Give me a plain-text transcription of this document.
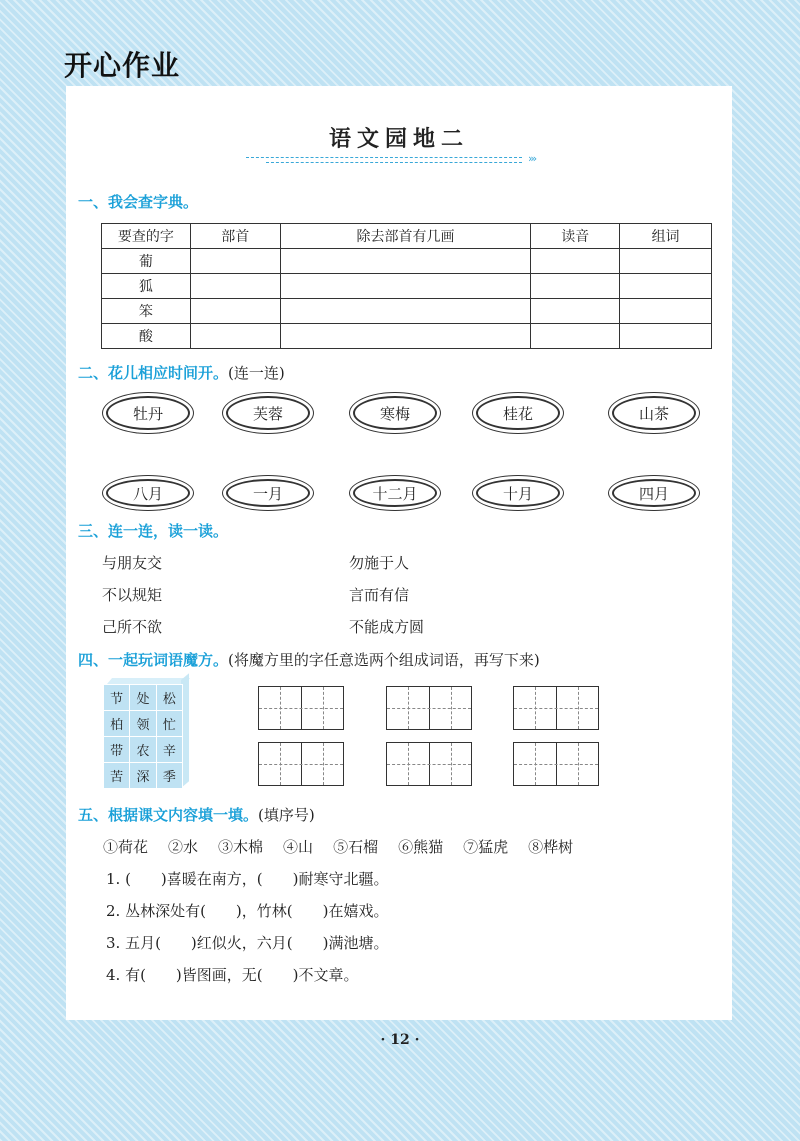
开心作业
语文园地二
›››
一、我会查字典。
要查的字	部首	除去部首有几画	读音	组词
葡				
狐				
笨				
酸				
二、花儿相应时间开。(连一连)
牡丹	芙蓉	寒梅	桂花	山茶
八月	一月	十二月	十月	四月
三、连一连，读一读。
与朋友交
不以规矩
己所不欲
勿施于人
言而有信
不能成方圆
四、一起玩词语魔方。(将魔方里的字任意选两个组成词语，再写下来)
节	处	松
柏	领	忙
带	农	辛
苦	深	季
五、根据课文内容填一填。(填序号)
①荷花 ②水 ③木棉 ④山 ⑤石榴 ⑥熊猫 ⑦猛虎 ⑧桦树
1. (　　)喜暖在南方，(　　)耐寒守北疆。
2. 丛林深处有(　　)，竹林(　　)在嬉戏。
3. 五月(　　)红似火，六月(　　)满池塘。
4. 有(　　)皆图画，无(　　)不文章。
· 12 ·
